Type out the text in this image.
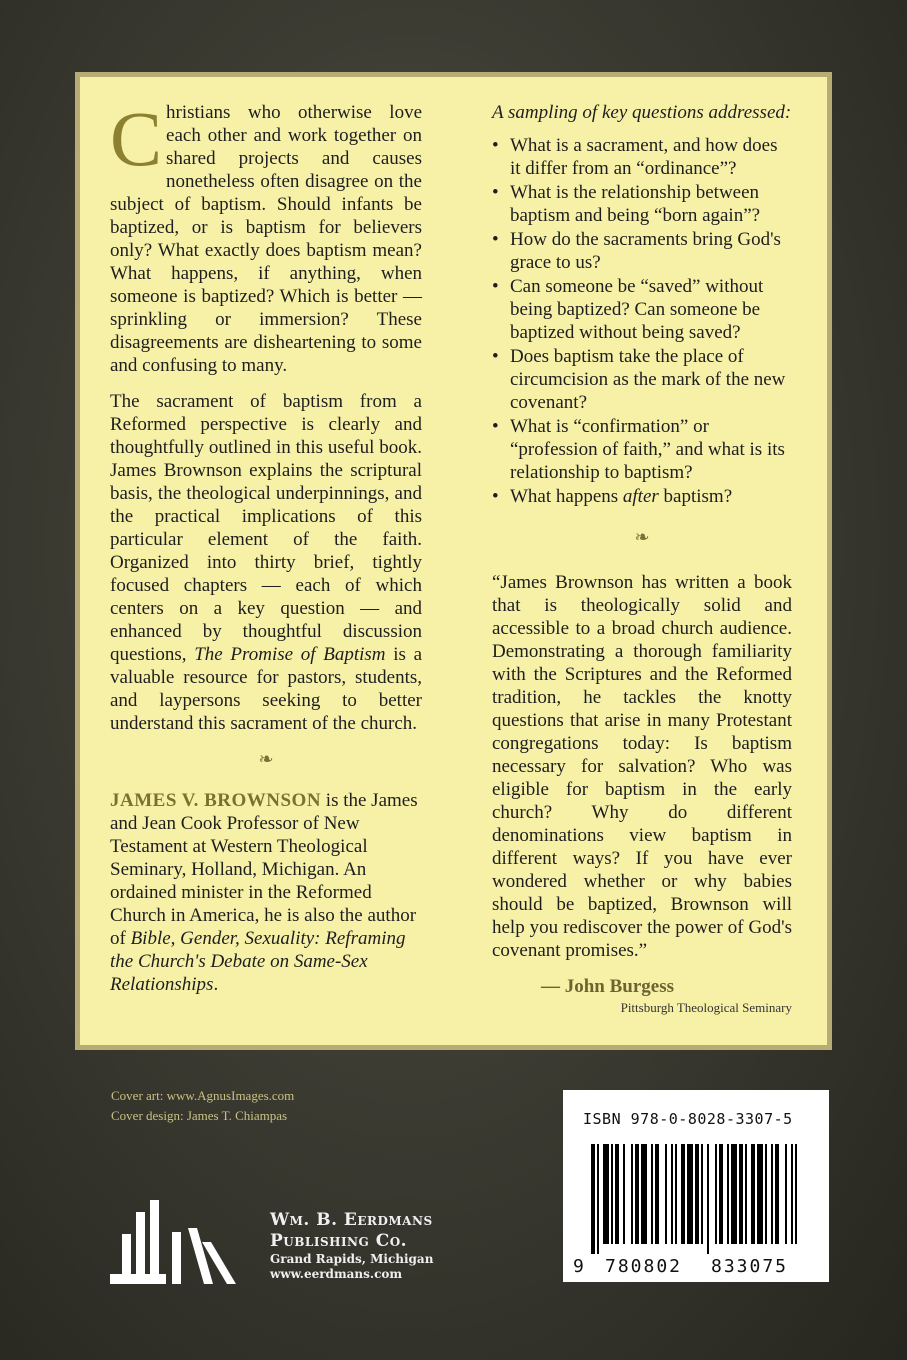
Christians who otherwise love each other and work together on shared projects and causes nonetheless often disagree on the subject of baptism. Should infants be baptized, or is baptism for believers only? What exactly does baptism mean? What happens, if anything, when someone is baptized? Which is better — sprinkling or immersion? These disagreements are disheartening to some and confusing to many.

The sacrament of baptism from a Reformed perspective is clearly and thoughtfully outlined in this useful book. James Brownson explains the scriptural basis, the theological underpinnings, and the practical implications of this particular element of the faith. Organized into thirty brief, tightly focused chapters — each of which centers on a key question — and enhanced by thoughtful discussion questions, The Promise of Baptism is a valuable resource for pastors, students, and laypersons seeking to better understand this sacrament of the church.

❧

JAMES V. BROWNSON is the James and Jean Cook Professor of New Testament at Western Theological Seminary, Holland, Michigan. An ordained minister in the Reformed Church in America, he is also the author of Bible, Gender, Sexuality: Reframing the Church's Debate on Same-Sex Relationships.

A sampling of key questions addressed:
• What is a sacrament, and how does it differ from an “ordinance”?
• What is the relationship between baptism and being “born again”?
• How do the sacraments bring God's grace to us?
• Can someone be “saved” without being baptized? Can someone be baptized without being saved?
• Does baptism take the place of circumcision as the mark of the new covenant?
• What is “confirmation” or “profession of faith,” and what is its relationship to baptism?
• What happens after baptism?
❧

“James Brownson has written a book that is theologically solid and accessible to a broad church audience. Demonstrating a thorough familiarity with the Scriptures and the Reformed tradition, he tackles the knotty questions that arise in many Protestant congregations today: Is baptism necessary for salvation? Who was eligible for baptism in the early church? Why do different denominations view baptism in different ways? If you have ever wondered whether or why babies should be baptized, Brownson will help you rediscover the power of God's covenant promises.”

— John Burgess
Pittsburgh Theological Seminary
Cover art: www.AgnusImages.com
Cover design: James T. Chiampas
Wm. B. Eerdmans
Publishing Co.
Grand Rapids, Michigan
www.eerdmans.com
ISBN 978-0-8028-3307-5
9 780802 833075
